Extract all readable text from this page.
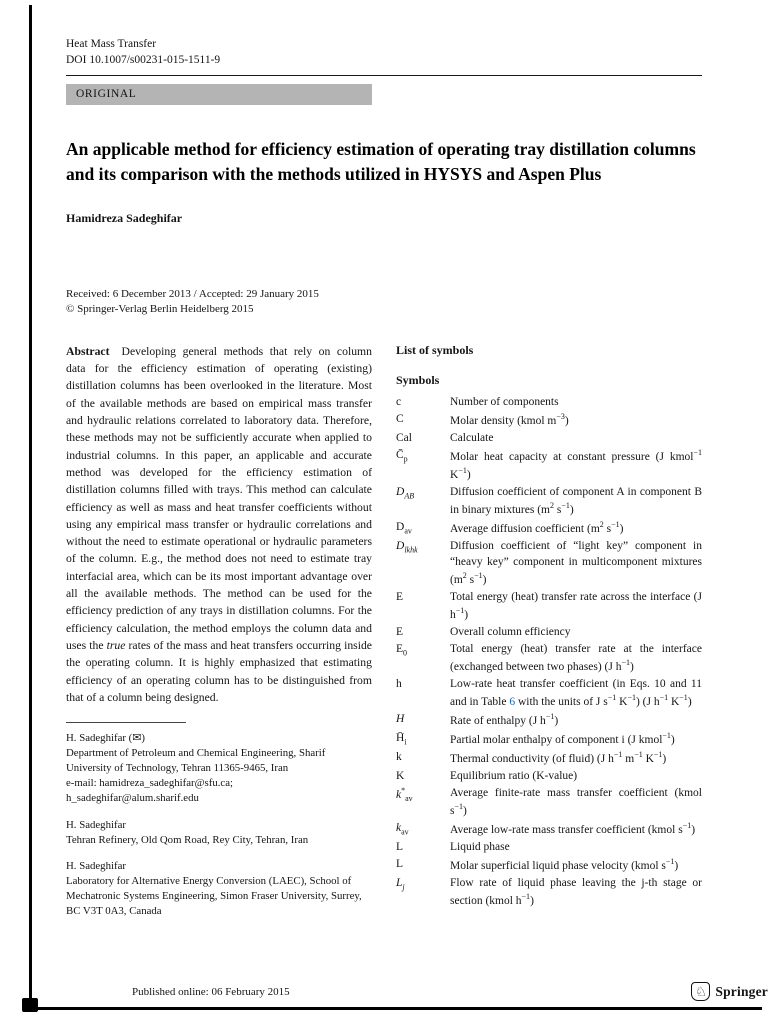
Heat Mass Transfer
DOI 10.1007/s00231-015-1511-9
ORIGINAL
An applicable method for efficiency estimation of operating tray distillation columns and its comparison with the methods utilized in HYSYS and Aspen Plus
Hamidreza Sadeghifar
Received: 6 December 2013 / Accepted: 29 January 2015
© Springer-Verlag Berlin Heidelberg 2015

Abstract Developing general methods that rely on column data for the efficiency estimation of operating (existing) distillation columns has been overlooked in the literature. Most of the available methods are based on empirical mass transfer and hydraulic relations correlated to laboratory data. Therefore, these methods may not be sufficiently accurate when applied to industrial columns. In this paper, an applicable and accurate method was developed for the efficiency estimation of distillation columns filled with trays. This method can calculate efficiency as well as mass and heat transfer coefficients without using any empirical mass transfer or hydraulic correlations and without the need to estimate operational or hydraulic parameters of the column. E.g., the method does not need to estimate tray interfacial area, which can be its most important advantage over all the available methods. The method can be used for the efficiency prediction of any trays in distillation columns. For the efficiency calculation, the method employs the column data and uses the true rates of the mass and heat transfers occurring inside the operating column. It is highly emphasized that estimating efficiency of an operating column has to be distinguished from that of a column being designed.

H. Sadeghifar (✉)
Department of Petroleum and Chemical Engineering, Sharif University of Technology, Tehran 11365-9465, Iran
e-mail: hamidreza_sadeghifar@sfu.ca;
h_sadeghifar@alum.sharif.edu
H. Sadeghifar
Tehran Refinery, Old Qom Road, Rey City, Tehran, Iran
H. Sadeghifar
Laboratory for Alternative Energy Conversion (LAEC), School of Mechatronic Systems Engineering, Simon Fraser University, Surrey, BC V3T 0A3, Canada
List of symbols
Symbols
c	Number of components
C	Molar density (kmol $m^{-3}$)
Cal	Calculate
$C̄_p$	Molar heat capacity at constant pressure (J kmol$^{-1}$ $K^{-1}$)
$D_{AB}$	Diffusion coefficient of component A in component B in binary mixtures ($m^2$ $s^{-1}$)
$D_{av}$	Average diffusion coefficient ($m^2$ $s^{-1}$)
$D_{lkhk}$	Diffusion coefficient of “light key” component in “heavy key” component in multicomponent mixtures ($m^2$ $s^{-1}$)
E	Total energy (heat) transfer rate across the interface (J $h^{-1}$)
E	Overall column efficiency
$E_0$	Total energy (heat) transfer rate at the interface (exchanged between two phases) (J $h^{-1}$)
h	Low-rate heat transfer coefficient (in Eqs. 10 and 11 and in Table 6 with the units of J $s^{-1}$ $K^{-1}$) (J $h^{-1}$ $K^{-1}$)
H	Rate of enthalpy (J $h^{-1}$)
$H̄_i$	Partial molar enthalpy of component i (J kmol$^{-1}$)
k	Thermal conductivity (of fluid) (J $h^{-1}$ $m^{-1}$ $K^{-1}$)
K	Equilibrium ratio (K-value)
$k^*_{av}$	Average finite-rate mass transfer coefficient (kmol $s^{-1}$)
$k_{av}$	Average low-rate mass transfer coefficient (kmol $s^{-1}$)
L	Liquid phase
L	Molar superficial liquid phase velocity (kmol $s^{-1}$)
$L_j$	Flow rate of liquid phase leaving the j-th stage or section (kmol $h^{-1}$)
Published online: 06 February 2015	♘ Springer
